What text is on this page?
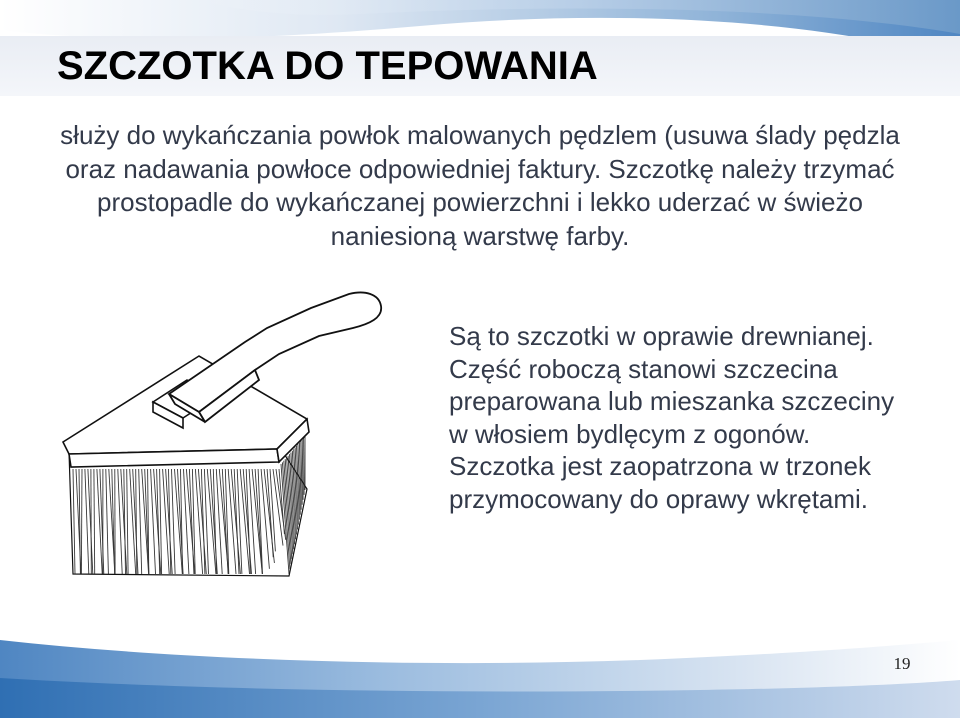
SZCZOTKA DO TEPOWANIA

służy do wykańczania powłok malowanych pędzlem (usuwa ślady pędzla oraz nadawania powłoce odpowiedniej faktury. Szczotkę należy trzymać prostopadle do wykańczanej powierzchni i lekko uderzać w świeżo naniesioną warstwę farby.

Są to szczotki w oprawie drewnianej. Część roboczą stanowi szczecina preparowana lub mieszanka szczeciny w włosiem bydlęcym z ogonów. Szczotka jest zaopatrzona w trzonek przymocowany do oprawy wkrętami.

19
